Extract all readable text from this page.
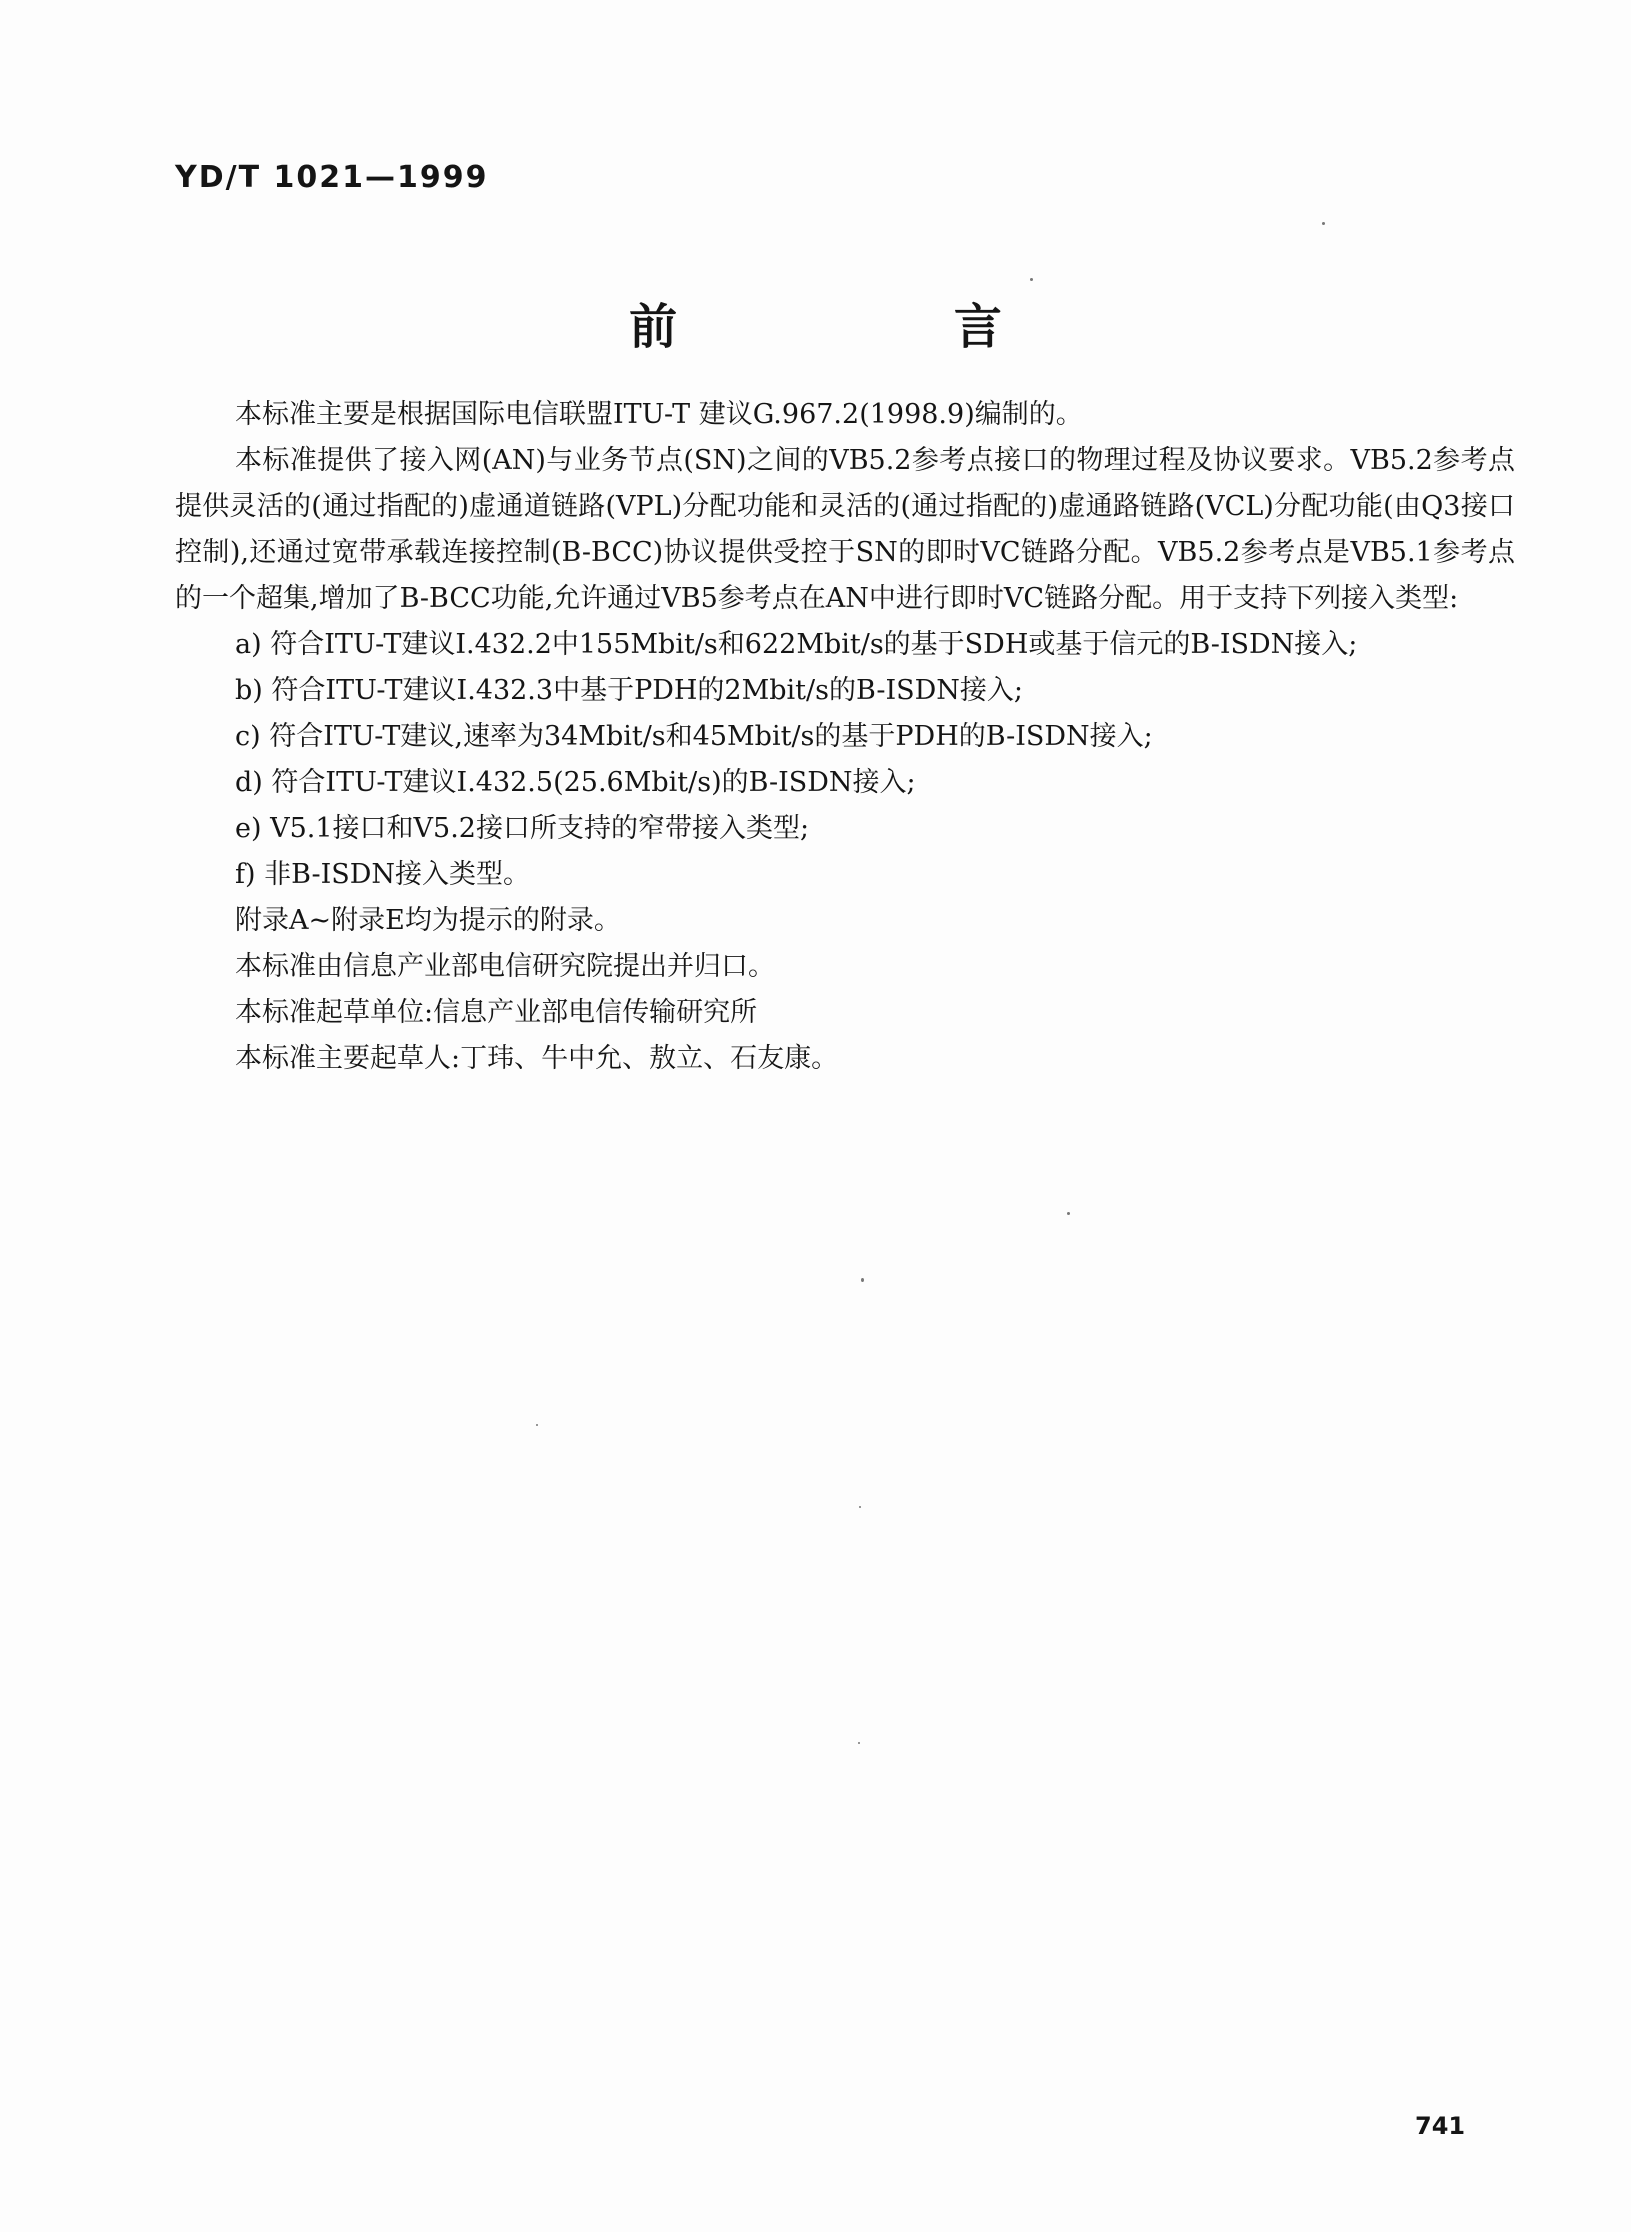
YD/T 1021—1999
前 言

本标准主要是根据国际电信联盟ITU-T 建议G.967.2(1998.9)编制的。

本标准提供了接入网(AN)与业务节点(SN)之间的VB5.2参考点接口的物理过程及协议要求。VB5.2参考点提供灵活的(通过指配的)虚通道链路(VPL)分配功能和灵活的(通过指配的)虚通路链路(VCL)分配功能(由Q3接口控制),还通过宽带承载连接控制(B-BCC)协议提供受控于SN的即时VC链路分配。VB5.2参考点是VB5.1参考点的一个超集,增加了B-BCC功能,允许通过VB5参考点在AN中进行即时VC链路分配。用于支持下列接入类型:

a) 符合ITU-T建议I.432.2中155Mbit/s和622Mbit/s的基于SDH或基于信元的B-ISDN接入;

b) 符合ITU-T建议I.432.3中基于PDH的2Mbit/s的B-ISDN接入;

c) 符合ITU-T建议,速率为34Mbit/s和45Mbit/s的基于PDH的B-ISDN接入;

d) 符合ITU-T建议I.432.5(25.6Mbit/s)的B-ISDN接入;

e) V5.1接口和V5.2接口所支持的窄带接入类型;

f) 非B-ISDN接入类型。

附录A~附录E均为提示的附录。

本标准由信息产业部电信研究院提出并归口。

本标准起草单位:信息产业部电信传输研究所

本标准主要起草人:丁玮、牛中允、敖立、石友康。

741
